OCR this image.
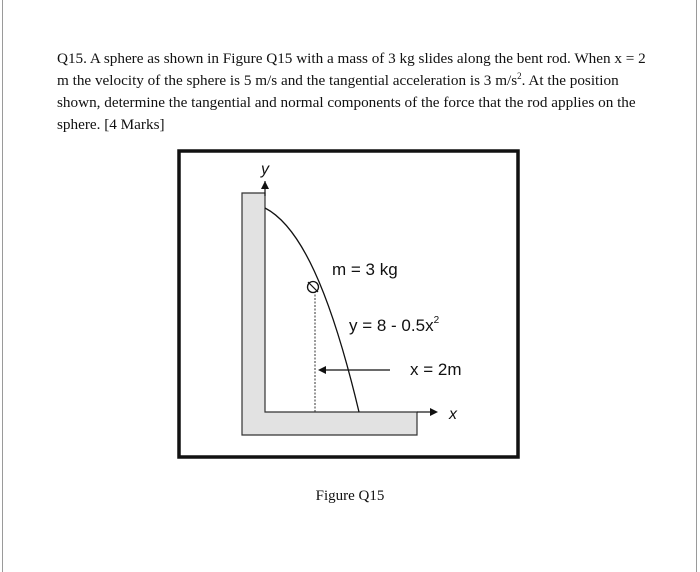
Q15. A sphere as shown in Figure Q15 with a mass of 3 kg slides along the bent rod. When x = 2 m the velocity of the sphere is 5 m/s and the tangential acceleration is 3 $m/s^2$. At the position shown, determine the tangential and normal components of the force that the rod applies on the sphere. [4 Marks]

y
x
m = 3 kg
$y = 8 - 0.5x^2$
x = 2m
Figure Q15
